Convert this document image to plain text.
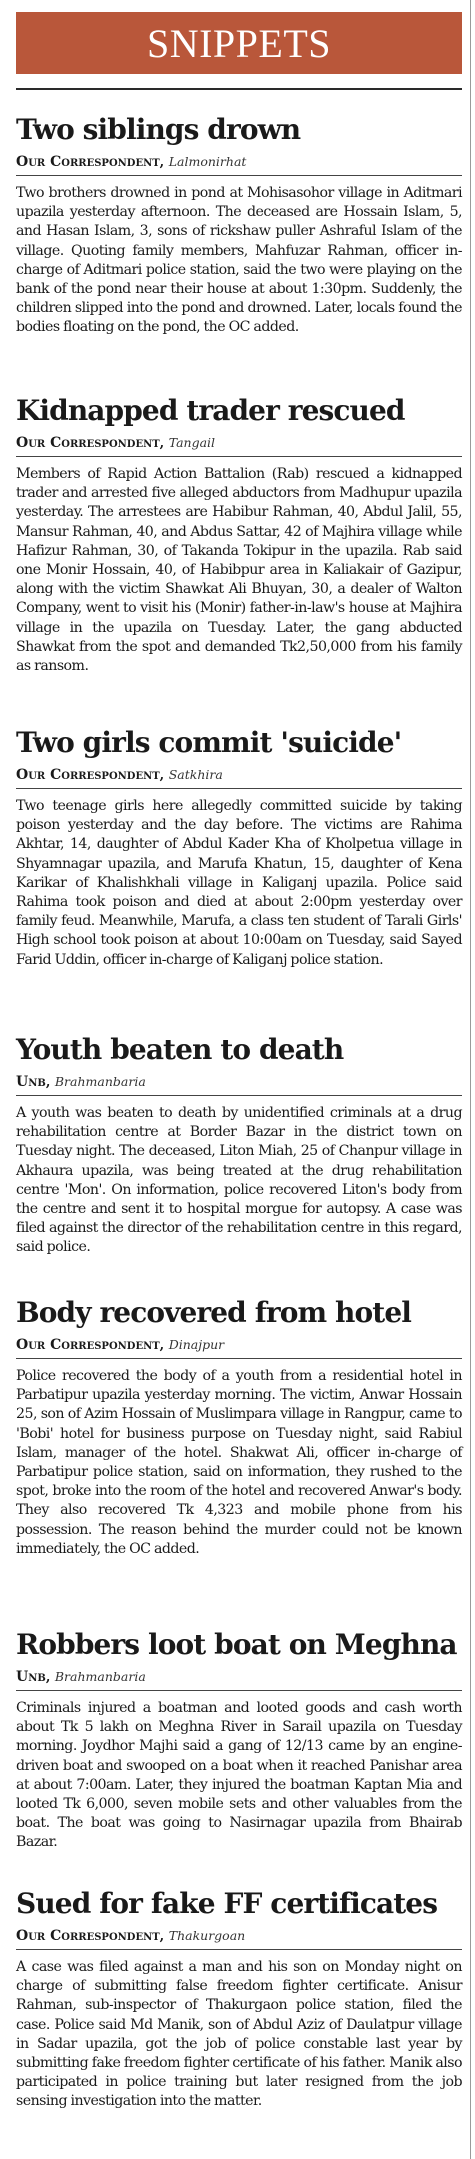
SNIPPETS
Two siblings drown
Our Correspondent, Lalmonirhat

Two brothers drowned in pond at Mohisasohor village in Aditmari upazila yesterday afternoon. The deceased are Hossain Islam, 5, and Hasan Islam, 3, sons of rickshaw puller Ashraful Islam of the village. Quoting family members, Mahfuzar Rahman, officer in-charge of Aditmari police station, said the two were playing on the bank of the pond near their house at about 1:30pm. Suddenly, the children slipped into the pond and drowned. Later, locals found the bodies floating on the pond, the OC added.

Kidnapped trader rescued
Our Correspondent, Tangail

Members of Rapid Action Battalion (Rab) rescued a kidnapped trader and arrested five alleged abductors from Madhupur upazila yesterday. The arrestees are Habibur Rahman, 40, Abdul Jalil, 55, Mansur Rahman, 40, and Abdus Sattar, 42 of Majhira village while Hafizur Rahman, 30, of Takanda Tokipur in the upazila. Rab said one Monir Hossain, 40, of Habibpur area in Kaliakair of Gazipur, along with the victim Shawkat Ali Bhuyan, 30, a dealer of Walton Company, went to visit his (Monir) father-in-law's house at Majhira village in the upazila on Tuesday. Later, the gang abducted Shawkat from the spot and demanded Tk2,50,000 from his family as ransom.

Two girls commit 'suicide'
Our Correspondent, Satkhira

Two teenage girls here allegedly committed suicide by taking poison yesterday and the day before. The victims are Rahima Akhtar, 14, daughter of Abdul Kader Kha of Kholpetua village in Shyamnagar upazila, and Marufa Khatun, 15, daughter of Kena Karikar of Khalishkhali village in Kaliganj upazila. Police said Rahima took poison and died at about 2:00pm yesterday over family feud. Meanwhile, Marufa, a class ten student of Tarali Girls' High school took poison at about 10:00am on Tuesday, said Sayed Farid Uddin, officer in-charge of Kaliganj police station.

Youth beaten to death
Unb, Brahmanbaria

A youth was beaten to death by unidentified criminals at a drug rehabilitation centre at Border Bazar in the district town on Tuesday night. The deceased, Liton Miah, 25 of Chanpur village in Akhaura upazila, was being treated at the drug rehabilitation centre 'Mon'. On information, police recovered Liton's body from the centre and sent it to hospital morgue for autopsy. A case was filed against the director of the rehabilitation centre in this regard, said police.

Body recovered from hotel
Our Correspondent, Dinajpur

Police recovered the body of a youth from a residential hotel in Parbatipur upazila yesterday morning. The victim, Anwar Hossain 25, son of Azim Hossain of Muslimpara village in Rangpur, came to 'Bobi' hotel for business purpose on Tuesday night, said Rabiul Islam, manager of the hotel. Shakwat Ali, officer in-charge of Parbatipur police station, said on information, they rushed to the spot, broke into the room of the hotel and recovered Anwar's body. They also recovered Tk 4,323 and mobile phone from his possession. The reason behind the murder could not be known immediately, the OC added.

Robbers loot boat on Meghna
Unb, Brahmanbaria

Criminals injured a boatman and looted goods and cash worth about Tk 5 lakh on Meghna River in Sarail upazila on Tuesday morning. Joydhor Majhi said a gang of 12/13 came by an engine-driven boat and swooped on a boat when it reached Panishar area at about 7:00am. Later, they injured the boatman Kaptan Mia and looted Tk 6,000, seven mobile sets and other valuables from the boat. The boat was going to Nasirnagar upazila from Bhairab Bazar.

Sued for fake FF certificates
Our Correspondent, Thakurgoan

A case was filed against a man and his son on Monday night on charge of submitting false freedom fighter certificate. Anisur Rahman, sub-inspector of Thakurgaon police station, filed the case. Police said Md Manik, son of Abdul Aziz of Daulatpur village in Sadar upazila, got the job of police constable last year by submitting fake freedom fighter certificate of his father. Manik also participated in police training but later resigned from the job sensing investigation into the matter.
